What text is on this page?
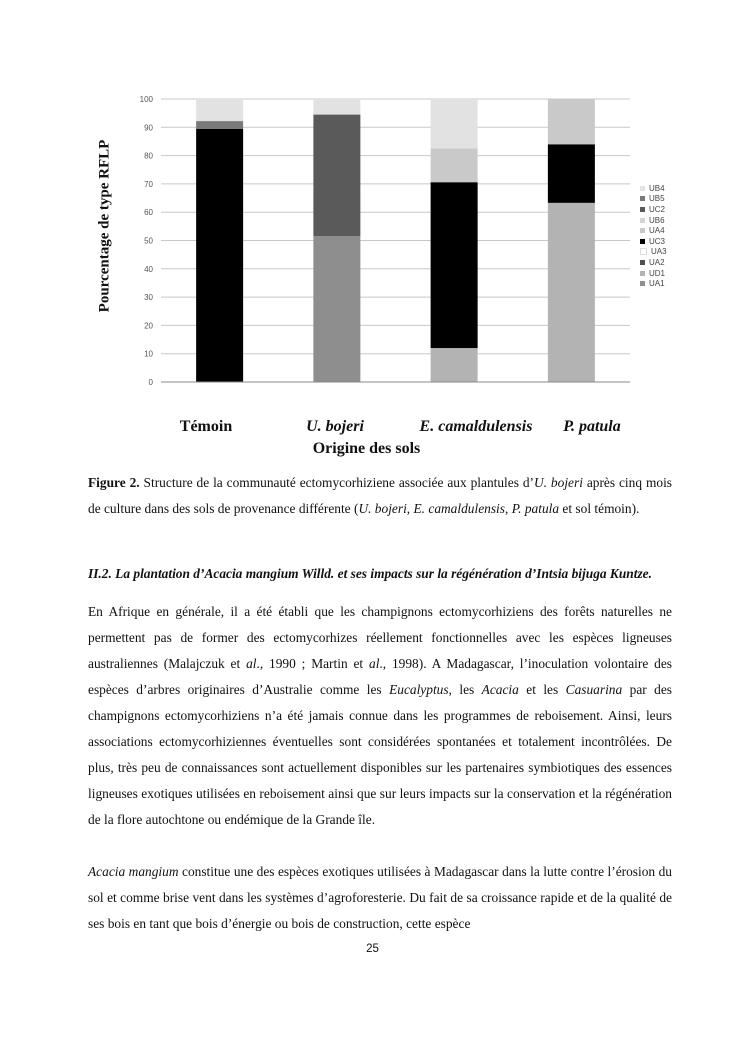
0
10
20
30
40
50
60
70
80
90
100
Pourcentage de type RFLP	UB4
UB5
UC2
UB6
UA4
UC3
UA3
UA2
UD1
UA1
Témoin	U. bojeri	E. camaldulensis P. patula
Origine des sols

Figure 2. Structure de la communauté ectomycorhiziene associée aux plantules d’U. bojeri après cinq mois de culture dans des sols de provenance différente (U. bojeri, E. camaldulensis, P. patula et sol témoin).

II.2. La plantation d’Acacia mangium Willd. et ses impacts sur la régénération d’Intsia bijuga Kuntze.

En Afrique en générale, il a été établi que les champignons ectomycorhiziens des forêts naturelles ne permettent pas de former des ectomycorhizes réellement fonctionnelles avec les espèces ligneuses australiennes (Malajczuk et al., 1990 ; Martin et al., 1998). A Madagascar, l’inoculation volontaire des espèces d’arbres originaires d’Australie comme les Eucalyptus, les Acacia et les Casuarina par des champignons ectomycorhiziens n’a été jamais connue dans les programmes de reboisement. Ainsi, leurs associations ectomycorhiziennes éventuelles sont considérées spontanées et totalement incontrôlées. De plus, très peu de connaissances sont actuellement disponibles sur les partenaires symbiotiques des essences ligneuses exotiques utilisées en reboisement ainsi que sur leurs impacts sur la conservation et la régénération de la flore autochtone ou endémique de la Grande île.

Acacia mangium constitue une des espèces exotiques utilisées à Madagascar dans la lutte contre l’érosion du sol et comme brise vent dans les systèmes d’agroforesterie. Du fait de sa croissance rapide et de la qualité de ses bois en tant que bois d’énergie ou bois de construction, cette espèce

25
